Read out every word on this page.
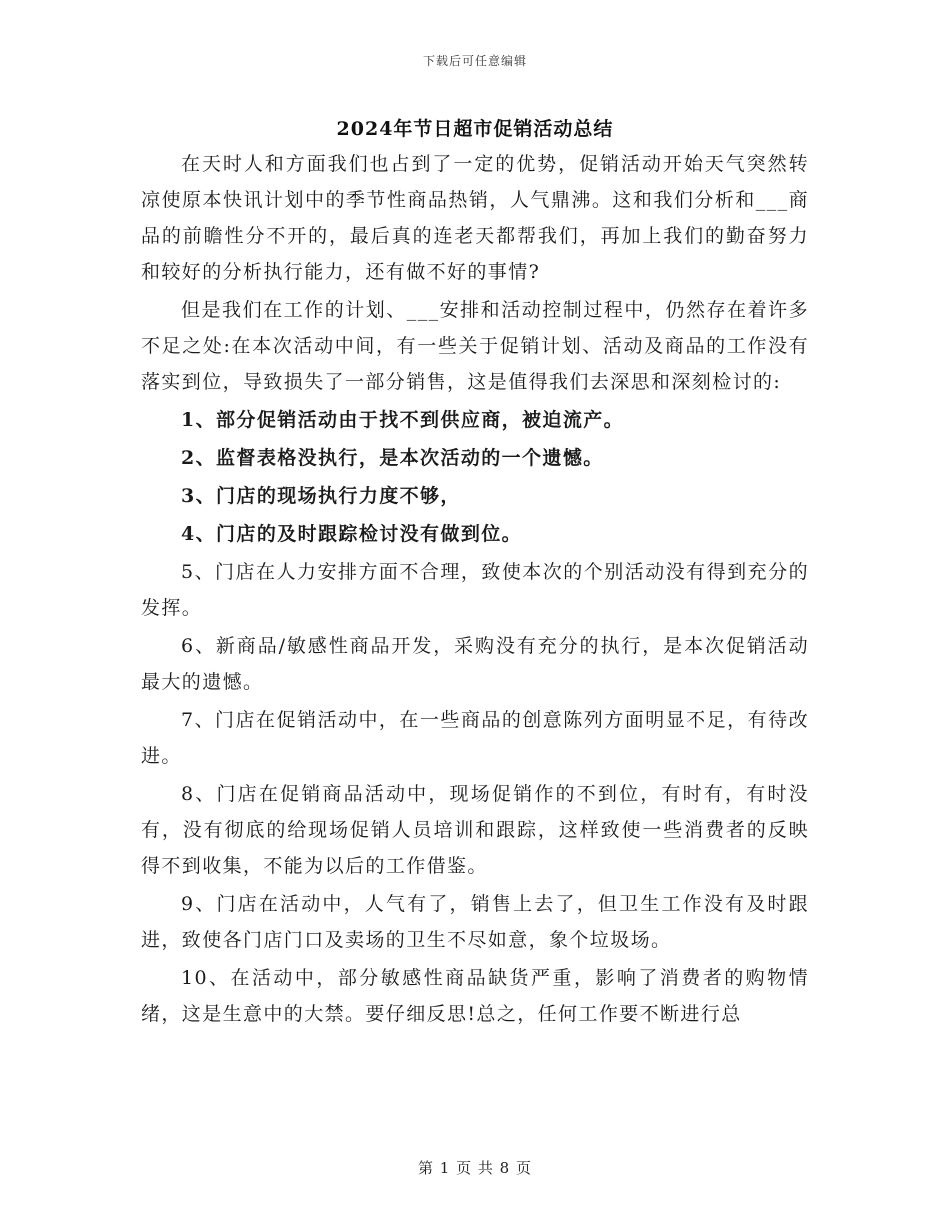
下载后可任意编辑
2024年节日超市促销活动总结

在天时人和方面我们也占到了一定的优势，促销活动开始天气突然转凉使原本快讯计划中的季节性商品热销，人气鼎沸。这和我们分析和___商品的前瞻性分不开的，最后真的连老天都帮我们，再加上我们的勤奋努力和较好的分析执行能力，还有做不好的事情?

但是我们在工作的计划、___安排和活动控制过程中，仍然存在着许多不足之处:在本次活动中间，有一些关于促销计划、活动及商品的工作没有落实到位，导致损失了一部分销售，这是值得我们去深思和深刻检讨的:

1、部分促销活动由于找不到供应商，被迫流产。

2、监督表格没执行，是本次活动的一个遗憾。

3、门店的现场执行力度不够，

4、门店的及时跟踪检讨没有做到位。

5、门店在人力安排方面不合理，致使本次的个别活动没有得到充分的发挥。

6、新商品/敏感性商品开发，采购没有充分的执行，是本次促销活动最大的遗憾。

7、门店在促销活动中，在一些商品的创意陈列方面明显不足，有待改进。

8、门店在促销商品活动中，现场促销作的不到位，有时有，有时没有，没有彻底的给现场促销人员培训和跟踪，这样致使一些消费者的反映得不到收集，不能为以后的工作借鉴。

9、门店在活动中，人气有了，销售上去了，但卫生工作没有及时跟进，致使各门店门口及卖场的卫生不尽如意，象个垃圾场。

10、在活动中，部分敏感性商品缺货严重，影响了消费者的购物情绪，这是生意中的大禁。要仔细反思!总之，任何工作要不断进行总

第 1 页 共 8 页
